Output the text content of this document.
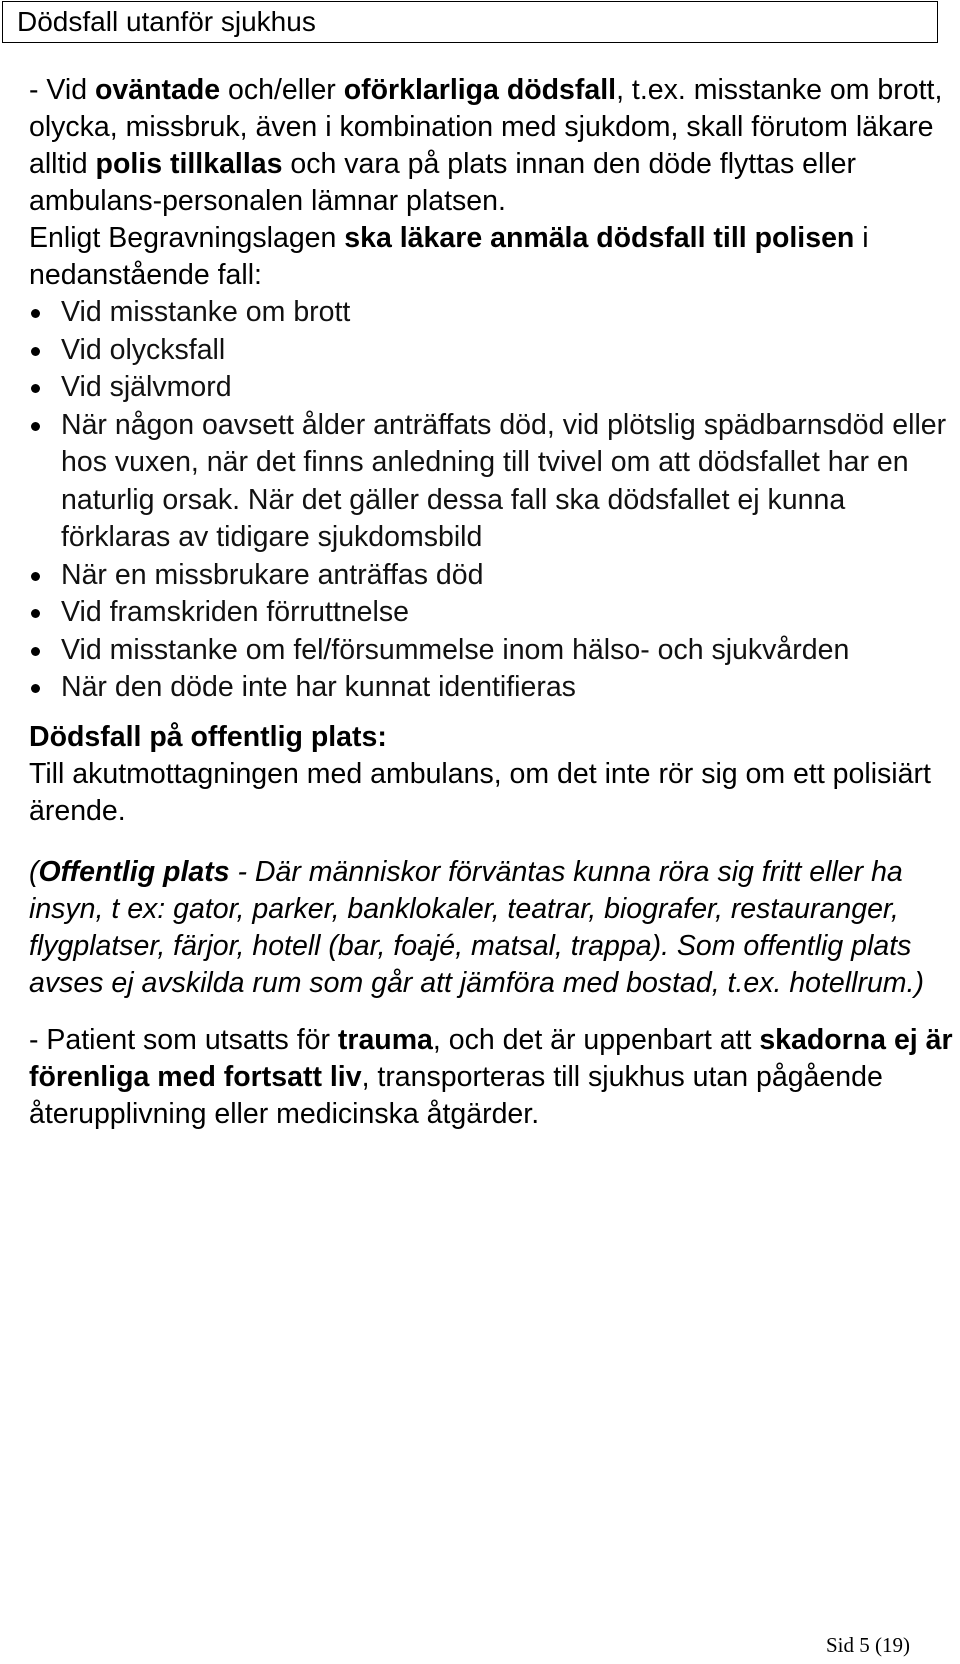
Dödsfall utanför sjukhus

- Vid oväntade och/eller oförklarliga dödsfall, t.ex. misstanke om brott, olycka, missbruk, även i kombination med sjukdom, skall förutom läkare alltid polis tillkallas och vara på plats innan den döde flyttas eller ambulans-personalen lämnar platsen.

Enligt Begravningslagen ska läkare anmäla dödsfall till polisen i nedanstående fall:

Vid misstanke om brott
Vid olycksfall
Vid självmord
När någon oavsett ålder anträffats död, vid plötslig spädbarnsdöd eller hos vuxen, när det finns anledning till tvivel om att dödsfallet har en naturlig orsak. När det gäller dessa fall ska dödsfallet ej kunna förklaras av tidigare sjukdomsbild
När en missbrukare anträffas död
Vid framskriden förruttnelse
Vid misstanke om fel/försummelse inom hälso- och sjukvården
När den döde inte har kunnat identifieras

Dödsfall på offentlig plats:

Till akutmottagningen med ambulans, om det inte rör sig om ett polisiärt ärende.

(Offentlig plats - Där människor förväntas kunna röra sig fritt eller ha insyn, t ex: gator, parker, banklokaler, teatrar, biografer, restauranger, flygplatser, färjor, hotell (bar, foajé, matsal, trappa). Som offentlig plats avses ej avskilda rum som går att jämföra med bostad, t.ex. hotellrum.)

- Patient som utsatts för trauma, och det är uppenbart att skadorna ej är förenliga med fortsatt liv, transporteras till sjukhus utan pågående återupplivning eller medicinska åtgärder.

Sid 5 (19)
